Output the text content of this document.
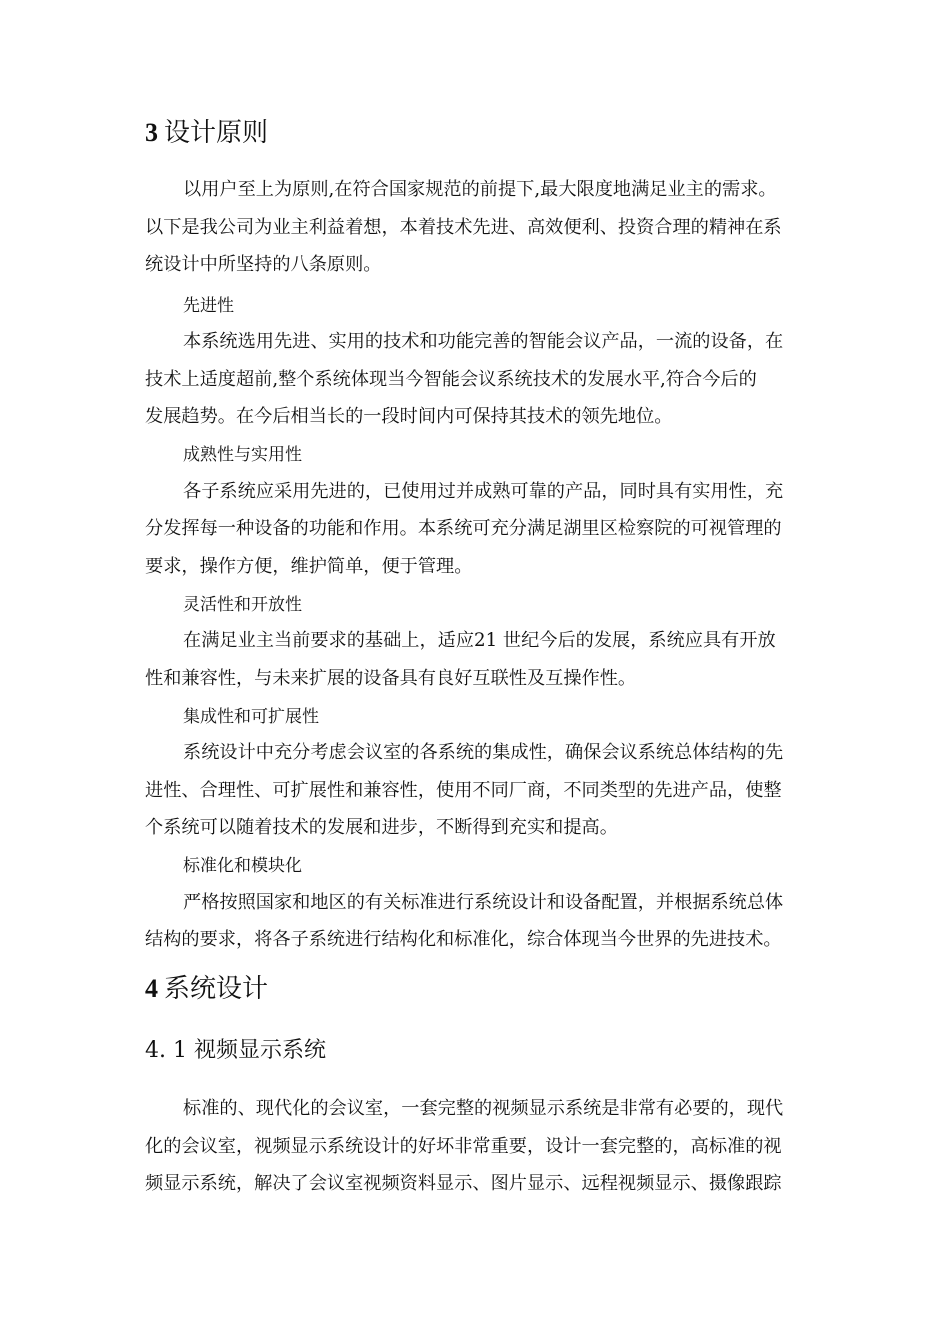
3 设计原则
以用户至上为原则,在符合国家规范的前提下,最大限度地满足业主的需求。
以下是我公司为业主利益着想，本着技术先进、高效便利、投资合理的精神在系
统设计中所坚持的八条原则。
先进性
本系统选用先进、实用的技术和功能完善的智能会议产品，一流的设备，在
技术上适度超前,整个系统体现当今智能会议系统技术的发展水平,符合今后的
发展趋势。在今后相当长的一段时间内可保持其技术的领先地位。
成熟性与实用性
各子系统应采用先进的，已使用过并成熟可靠的产品，同时具有实用性，充
分发挥每一种设备的功能和作用。本系统可充分满足湖里区检察院的可视管理的
要求，操作方便，维护简单，便于管理。
灵活性和开放性
在满足业主当前要求的基础上，适应21 世纪今后的发展，系统应具有开放
性和兼容性，与未来扩展的设备具有良好互联性及互操作性。
集成性和可扩展性
系统设计中充分考虑会议室的各系统的集成性，确保会议系统总体结构的先
进性、合理性、可扩展性和兼容性，使用不同厂商，不同类型的先进产品，使整
个系统可以随着技术的发展和进步，不断得到充实和提高。
标准化和模块化
严格按照国家和地区的有关标准进行系统设计和设备配置，并根据系统总体
结构的要求，将各子系统进行结构化和标准化，综合体现当今世界的先进技术。
4 系统设计
4. 1 视频显示系统
标准的、现代化的会议室，一套完整的视频显示系统是非常有必要的，现代
化的会议室，视频显示系统设计的好坏非常重要，设计一套完整的，高标准的视
频显示系统，解决了会议室视频资料显示、图片显示、远程视频显示、摄像跟踪
